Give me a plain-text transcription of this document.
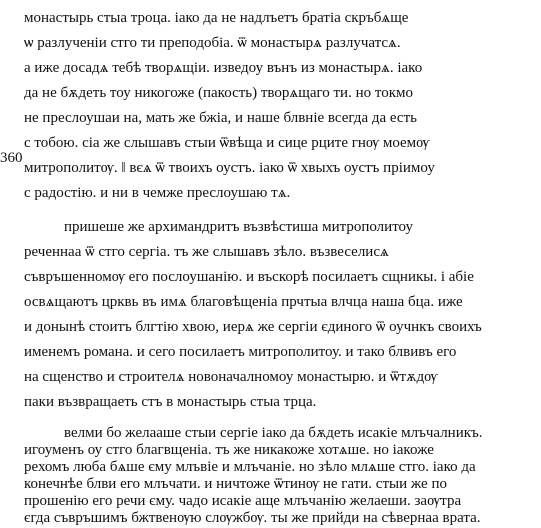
360
монастырь стыа троца. іако да не надлъетъ братіа скръбѧще
ѡ разлученіи стго ти преподобіа. ѿ монастырѧ разлучатсѧ.
а иже досадѧ тебѣ творѧщіи. изведоу вънъ из монастырѧ. іако
да не бѫдеть тоу никогоже (пакость) творѧщаго ти. но токмо
не преслоушаи на, мать же бжіа, и наше блвніе всегда да есть
с тобою. сіа же слышавъ стыи ѿвѣща и сице рците гнѹ моемѹ
митрополитѹ. ‖ вєѧ ѿ твоихъ оустъ. іако ѿ хвыхъ оустъ пріимоу
с радостію. и ни в чемже преслоушаю тѧ.
пришеше же архимандритъ възвѣстиша митрополитоу
реченнаа ѿ стго сергіа. тъ же слышавъ зѣло. възвеселисѧ
съвръшенномѹ его послоушанію. и въскорѣ посилаетъ сщникы. і абіе
освѧщаютъ црквь въ имѧ благовѣщеніа прчтыа влчца наша бца. иже
и донынѣ стоитъ блгтію хвою, иерѧ же сергіи єдиного ѿ оучнкъ своихъ
именемъ романа. и сего посилаетъ митрополитоу. и тако блвивъ его
на сщенство и строителѧ новоначалномоу монастырю. и ѿтѫдѹ
паки възвращаеть стъ в монастырь стыа трца.
велми бо желааше стыи сергіе іако да бѫдеть исакіе млъчалникъ.
игоуменъ оу стго благвщеніа. тъ же никакоже хотѧше. но іакоже
рехомъ люба бѧше єму млъвіе и млъчаніе. но зѣло млѧше стго. іако да
конечнѣе блви его млъчати. и ничтоже ѿтинѹ не гати. стыи же по
прошенію его речи єму. чадо исакіе аще млъчанію желаеши. заѹтра
єгда съвръшимъ бжтвенѹю слѹжбѹ. ты же прийди на сѣвернаа врата.
